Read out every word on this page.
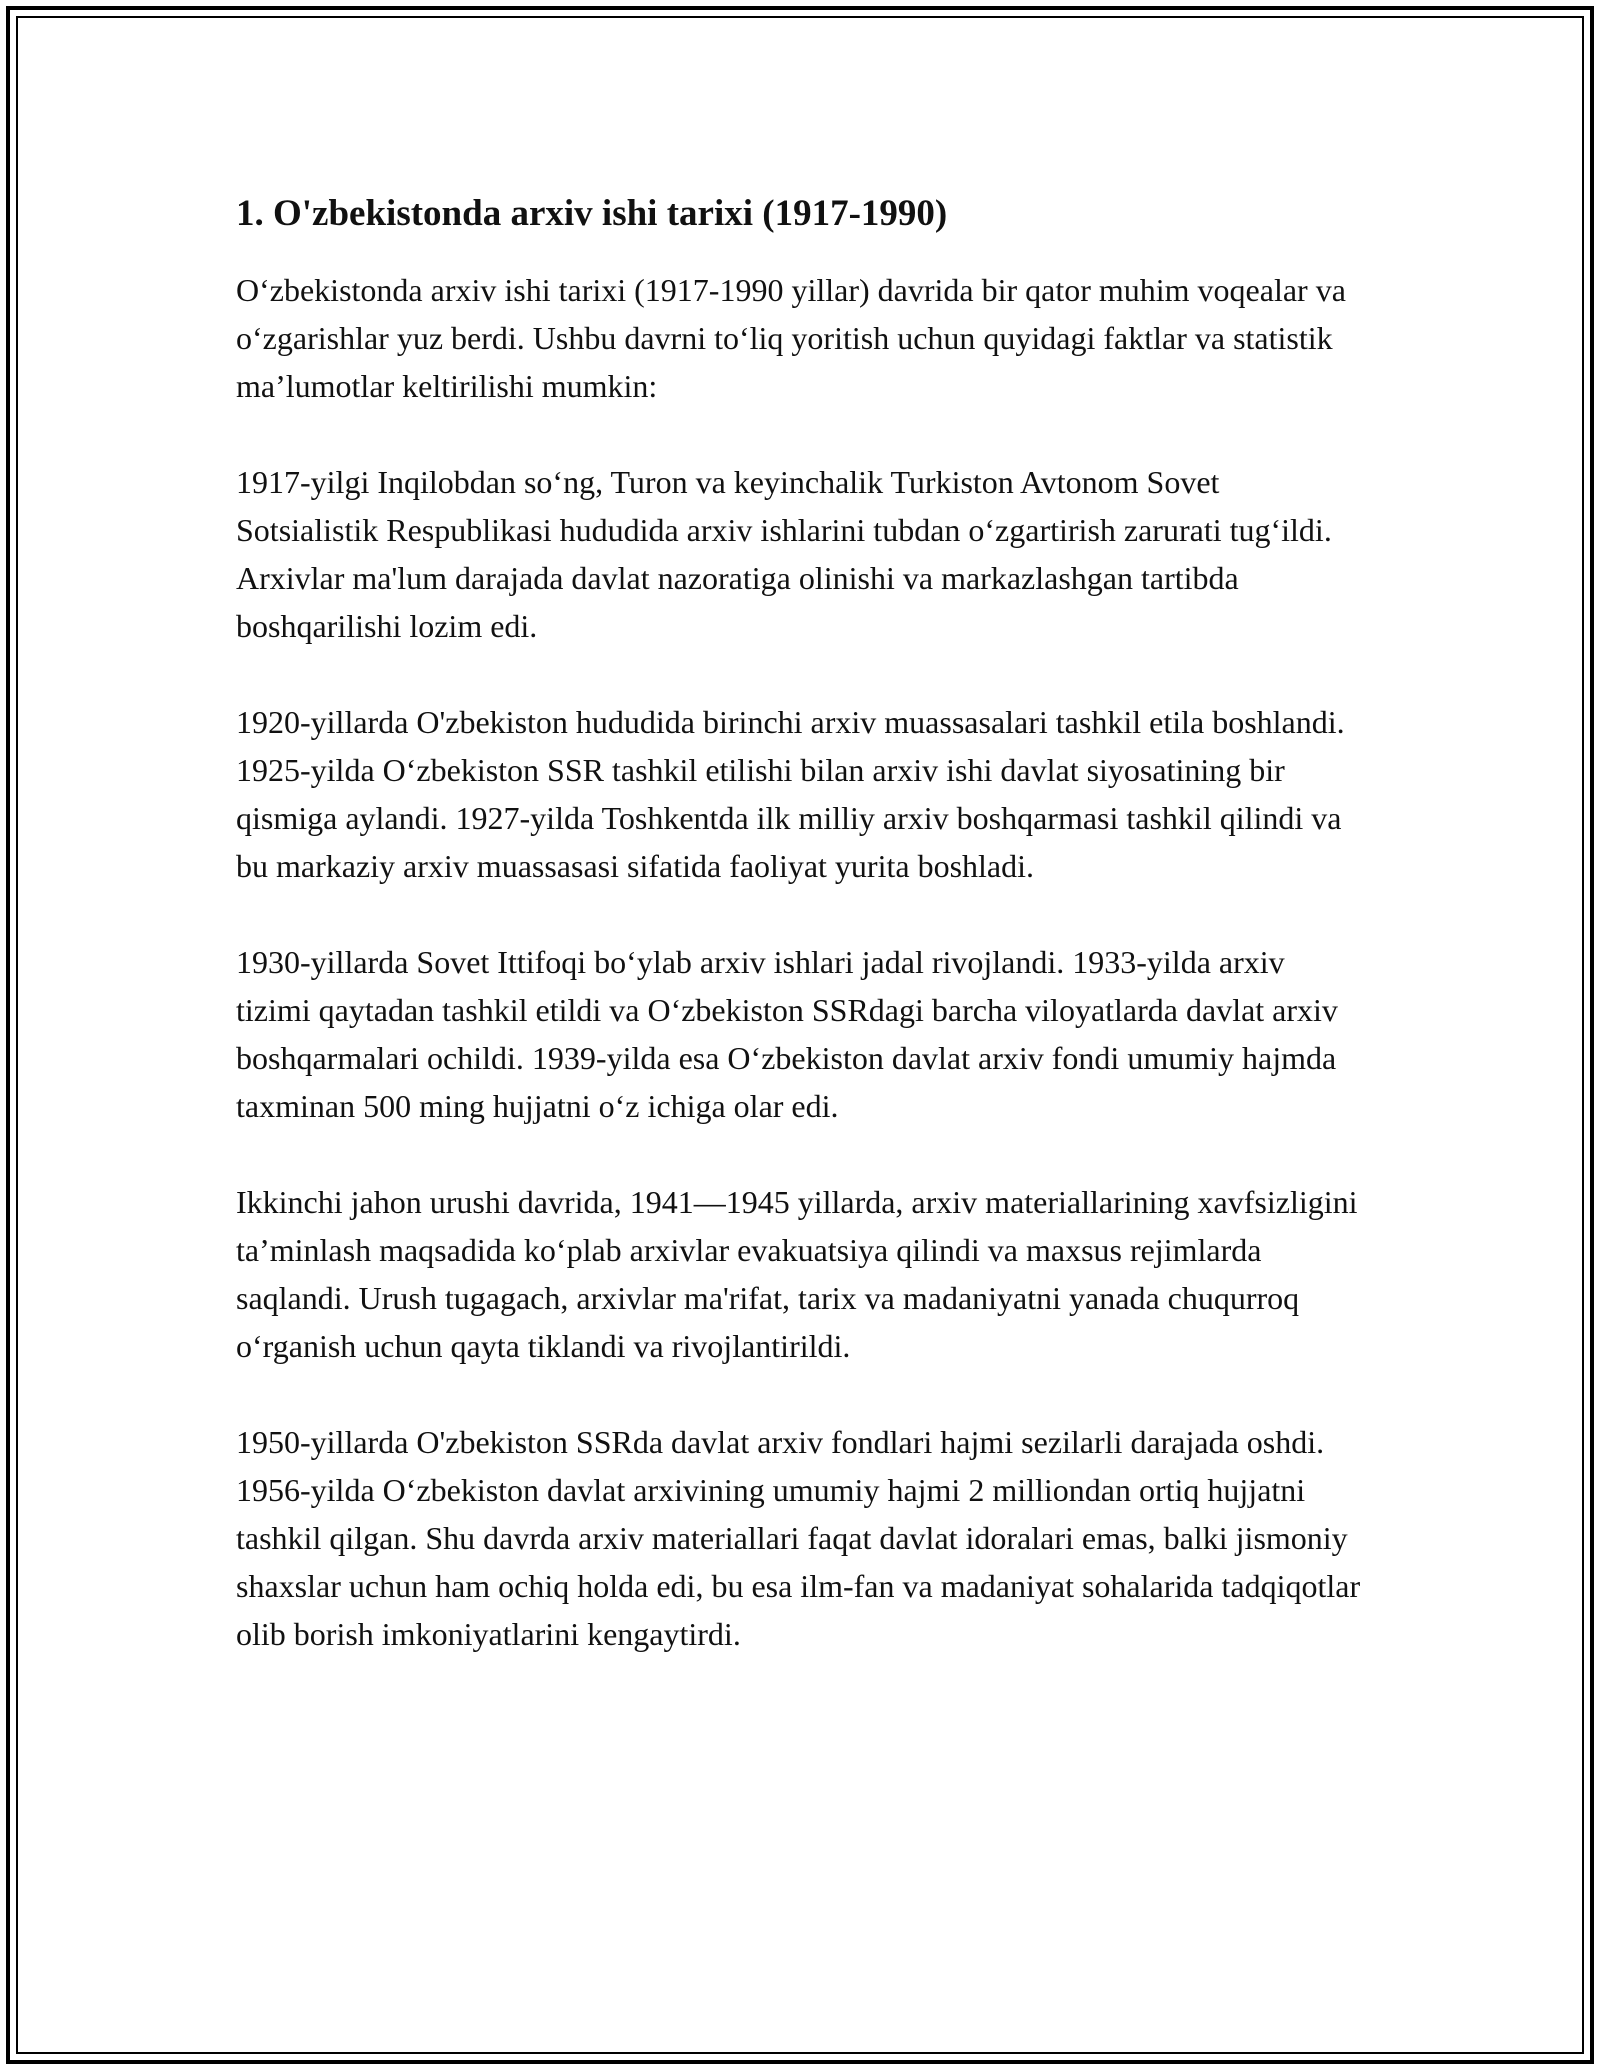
1. O'zbekistonda arxiv ishi tarixi (1917-1990)

O‘zbekistonda arxiv ishi tarixi (1917-1990 yillar) davrida bir qator muhim voqealar va o‘zgarishlar yuz berdi. Ushbu davrni to‘liq yoritish uchun quyidagi faktlar va statistik ma’lumotlar keltirilishi mumkin:

1917-yilgi Inqilobdan so‘ng, Turon va keyinchalik Turkiston Avtonom Sovet Sotsialistik Respublikasi hududida arxiv ishlarini tubdan o‘zgartirish zarurati tug‘ildi. Arxivlar ma'lum darajada davlat nazoratiga olinishi va markazlashgan tartibda boshqarilishi lozim edi.

1920-yillarda O'zbekiston hududida birinchi arxiv muassasalari tashkil etila boshlandi. 1925-yilda O‘zbekiston SSR tashkil etilishi bilan arxiv ishi davlat siyosatining bir qismiga aylandi. 1927-yilda Toshkentda ilk milliy arxiv boshqarmasi tashkil qilindi va bu markaziy arxiv muassasasi sifatida faoliyat yurita boshladi.

1930-yillarda Sovet Ittifoqi bo‘ylab arxiv ishlari jadal rivojlandi. 1933-yilda arxiv tizimi qaytadan tashkil etildi va O‘zbekiston SSRdagi barcha viloyatlarda davlat arxiv boshqarmalari ochildi. 1939-yilda esa O‘zbekiston davlat arxiv fondi umumiy hajmda taxminan 500 ming hujjatni o‘z ichiga olar edi.

Ikkinchi jahon urushi davrida, 1941—1945 yillarda, arxiv materiallarining xavfsizligini ta’minlash maqsadida ko‘plab arxivlar evakuatsiya qilindi va maxsus rejimlarda saqlandi. Urush tugagach, arxivlar ma'rifat, tarix va madaniyatni yanada chuqurroq o‘rganish uchun qayta tiklandi va rivojlantirildi.

1950-yillarda O'zbekiston SSRda davlat arxiv fondlari hajmi sezilarli darajada oshdi. 1956-yilda O‘zbekiston davlat arxivining umumiy hajmi 2 milliondan ortiq hujjatni tashkil qilgan. Shu davrda arxiv materiallari faqat davlat idoralari emas, balki jismoniy shaxslar uchun ham ochiq holda edi, bu esa ilm-fan va madaniyat sohalarida tadqiqotlar olib borish imkoniyatlarini kengaytirdi.
